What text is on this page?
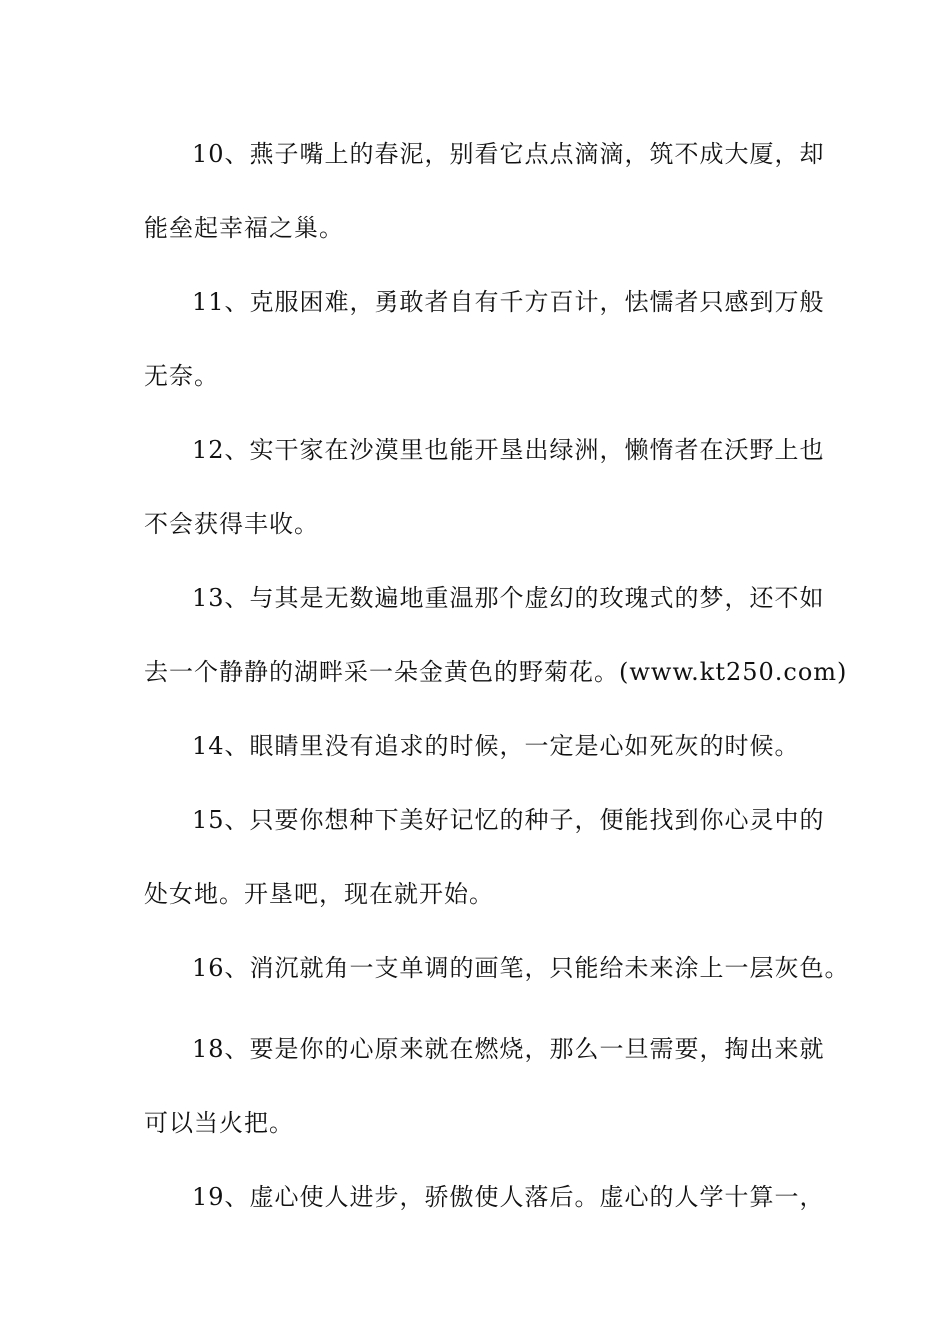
10、燕子嘴上的春泥，别看它点点滴滴，筑不成大厦，却
能垒起幸福之巢。
11、克服困难，勇敢者自有千方百计，怯懦者只感到万般
无奈。
12、实干家在沙漠里也能开垦出绿洲，懒惰者在沃野上也
不会获得丰收。
13、与其是无数遍地重温那个虚幻的玫瑰式的梦，还不如
去一个静静的湖畔采一朵金黄色的野菊花。(www.kt250.com)
14、眼睛里没有追求的时候，一定是心如死灰的时候。
15、只要你想种下美好记忆的种子，便能找到你心灵中的
处女地。开垦吧，现在就开始。
16、消沉就角一支单调的画笔，只能给未来涂上一层灰色。
18、要是你的心原来就在燃烧，那么一旦需要，掏出来就
可以当火把。
19、虚心使人进步，骄傲使人落后。虚心的人学十算一，
